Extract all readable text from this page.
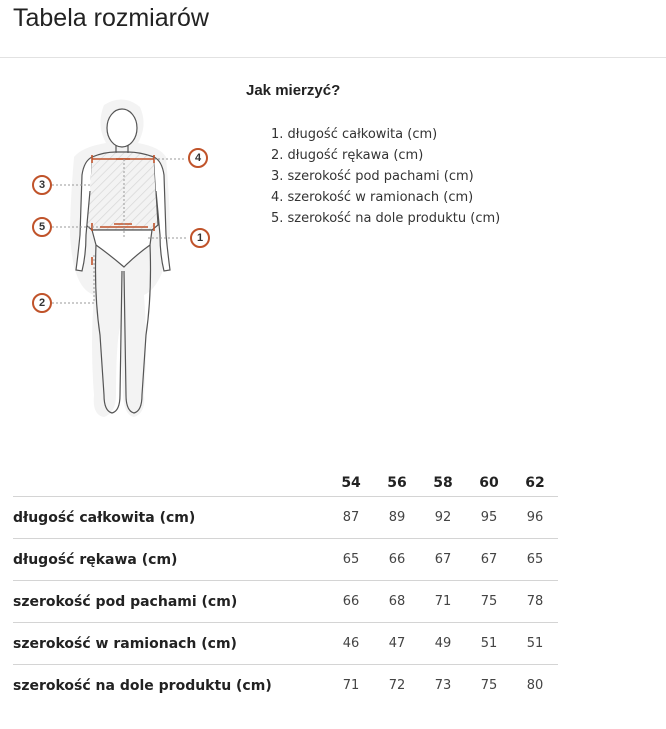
Tabela rozmiarów
4
3
5
1
2
Jak mierzyć?
1. długość całkowita (cm)
2. długość rękawa (cm)
3. szerokość pod pachami (cm)
4. szerokość w ramionach (cm)
5. szerokość na dole produktu (cm)
	54	56	58	60	62
długość całkowita (cm)	87	89	92	95	96
długość rękawa (cm)	65	66	67	67	65
szerokość pod pachami (cm)	66	68	71	75	78
szerokość w ramionach (cm)	46	47	49	51	51
szerokość na dole produktu (cm)	71	72	73	75	80
